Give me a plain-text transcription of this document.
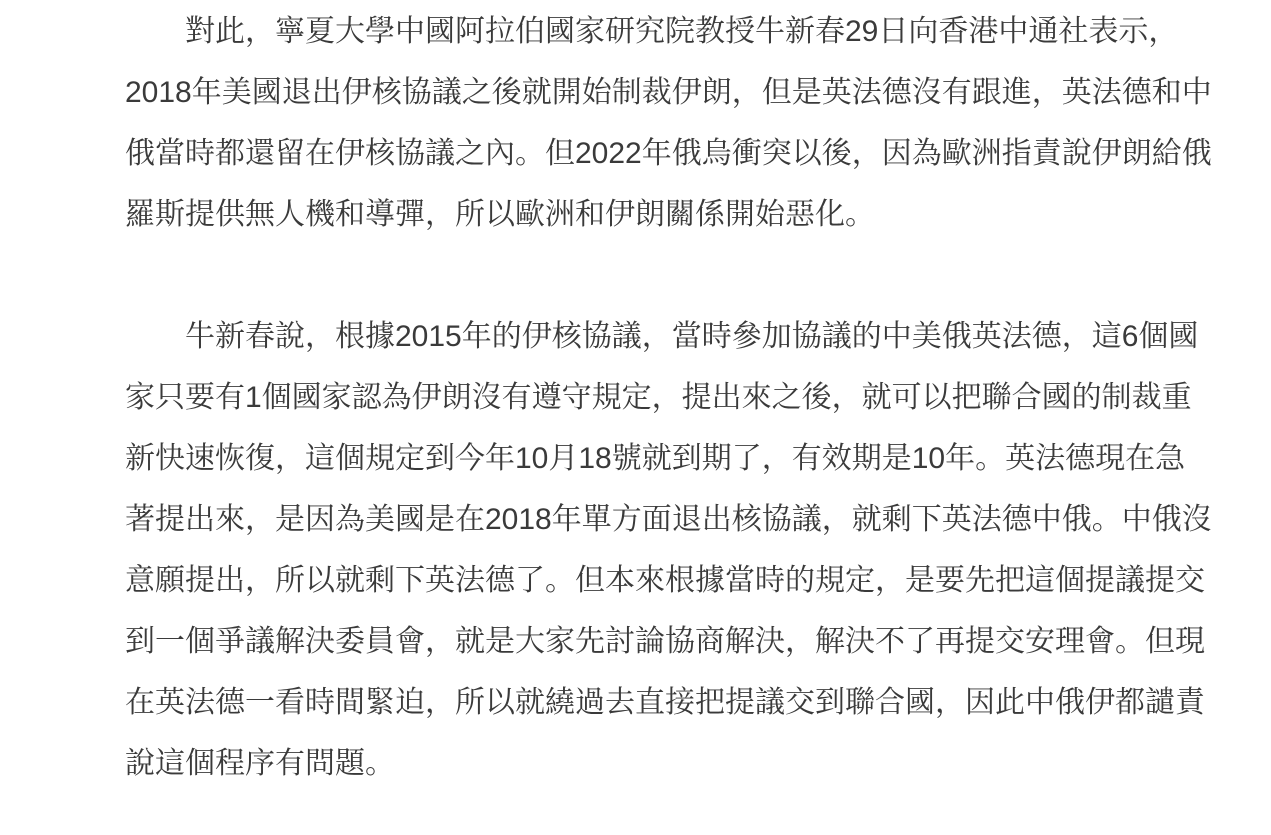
對此，寧夏大學中國阿拉伯國家研究院教授牛新春29日向香港中通社表示，
2018年美國退出伊核協議之後就開始制裁伊朗，但是英法德沒有跟進，英法德和中
俄當時都還留在伊核協議之內。但2022年俄烏衝突以後，因為歐洲指責說伊朗給俄
羅斯提供無人機和導彈，所以歐洲和伊朗關係開始惡化。
牛新春說，根據2015年的伊核協議，當時參加協議的中美俄英法德，這6個國
家只要有1個國家認為伊朗沒有遵守規定，提出來之後，就可以把聯合國的制裁重
新快速恢復，這個規定到今年10月18號就到期了，有效期是10年。英法德現在急
著提出來，是因為美國是在2018年單方面退出核協議，就剩下英法德中俄。中俄沒
意願提出，所以就剩下英法德了。但本來根據當時的規定，是要先把這個提議提交
到一個爭議解決委員會，就是大家先討論協商解決，解決不了再提交安理會。但現
在英法德一看時間緊迫，所以就繞過去直接把提議交到聯合國，因此中俄伊都譴責
說這個程序有問題。
